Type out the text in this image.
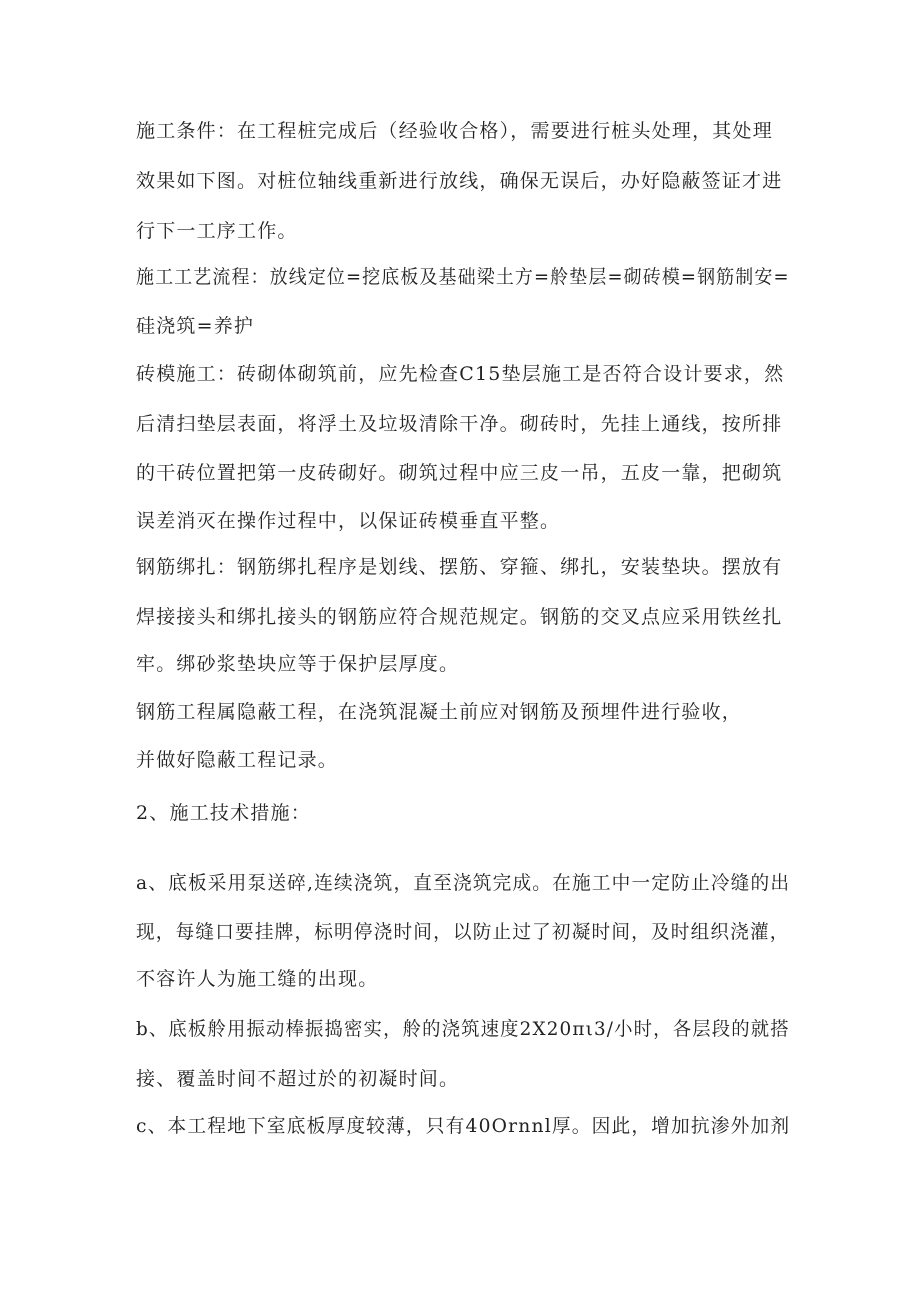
施工条件：在工程桩完成后（经验收合格），需要进行桩头处理，其处理
效果如下图。对桩位轴线重新进行放线，确保无误后，办好隐蔽签证才进
行下一工序工作。
施工工艺流程：放线定位=挖底板及基础梁土方=舲垫层=砌砖模=钢筋制安=
硅浇筑=养护
砖模施工：砖砌体砌筑前，应先检查C15垫层施工是否符合设计要求，然
后清扫垫层表面，将浮土及垃圾清除干净。砌砖时，先挂上通线，按所排
的干砖位置把第一皮砖砌好。砌筑过程中应三皮一吊，五皮一靠，把砌筑
误差消灭在操作过程中，以保证砖模垂直平整。
钢筋绑扎：钢筋绑扎程序是划线、摆筋、穿箍、绑扎，安装垫块。摆放有
焊接接头和绑扎接头的钢筋应符合规范规定。钢筋的交叉点应采用铁丝扎
牢。绑砂浆垫块应等于保护层厚度。
钢筋工程属隐蔽工程，在浇筑混凝土前应对钢筋及预埋件进行验收，
并做好隐蔽工程记录。
2、施工技术措施：
a、底板采用泵送碎,连续浇筑，直至浇筑完成。在施工中一定防止冷缝的出
现，每缝口要挂牌，标明停浇时间，以防止过了初凝时间，及时组织浇灌，
不容许人为施工缝的出现。
b、底板舲用振动棒振捣密实，舲的浇筑速度2X20πι3/小时，各层段的就搭
接、覆盖时间不超过於的初凝时间。
c、本工程地下室底板厚度较薄，只有40Ornnl厚。因此，增加抗渗外加剂
